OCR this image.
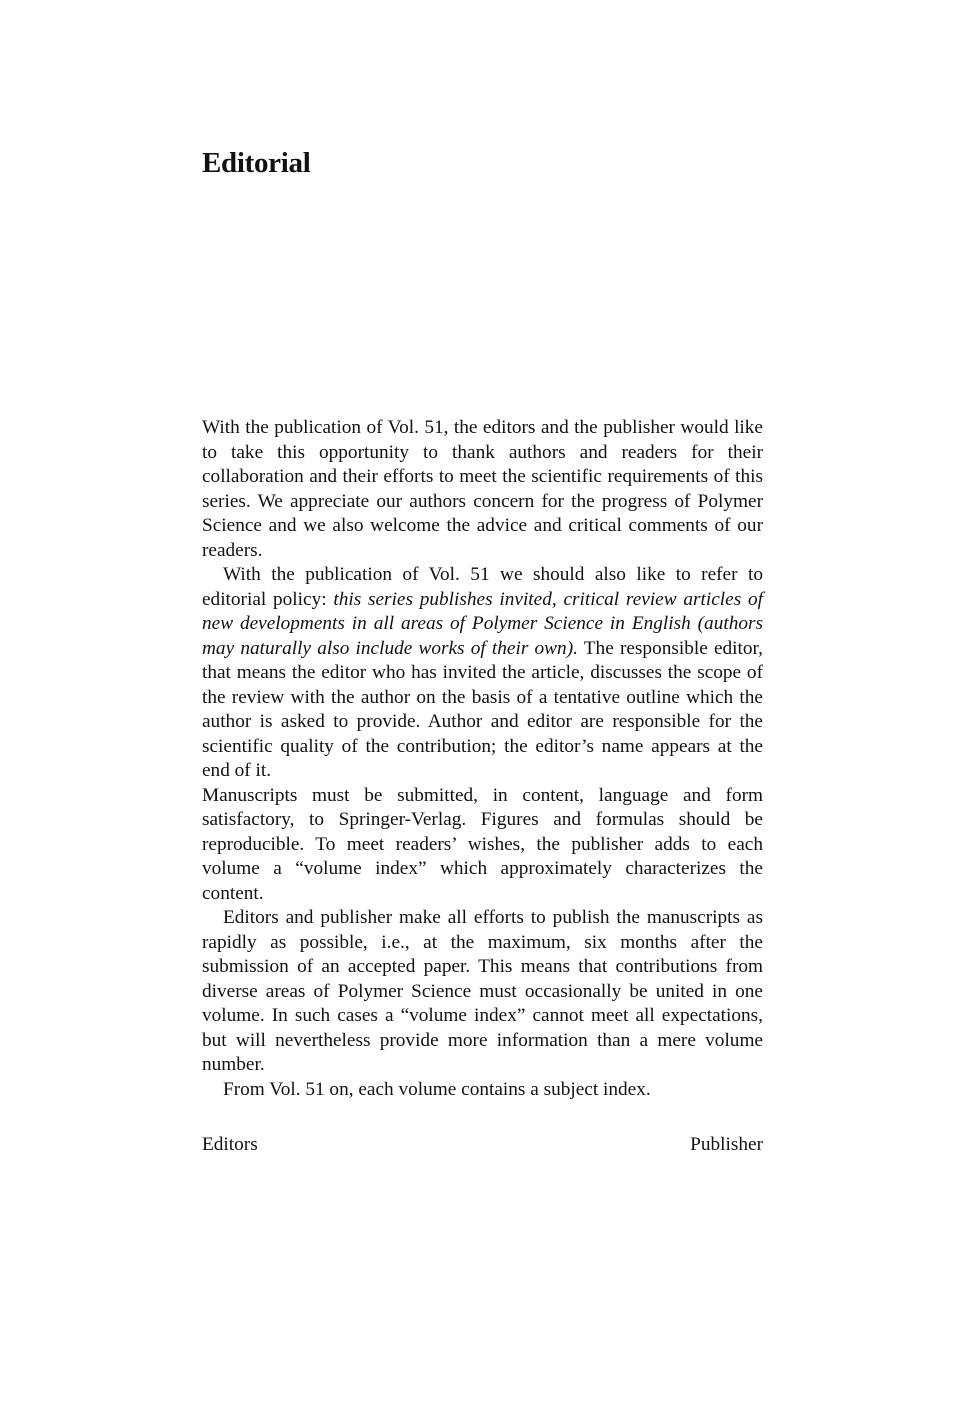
Editorial

With the publication of Vol. 51, the editors and the publisher would like to take this opportunity to thank authors and readers for their collaboration and their efforts to meet the scientific requirements of this series. We appreciate our authors concern for the progress of Polymer Science and we also welcome the advice and critical comments of our readers.

With the publication of Vol. 51 we should also like to refer to editorial policy: this series publishes invited, critical review articles of new developments in all areas of Polymer Science in English (authors may naturally also include works of their own). The responsible editor, that means the editor who has invited the article, discusses the scope of the review with the author on the basis of a tentative outline which the author is asked to provide. Author and editor are responsible for the scientific quality of the contribution; the editor’s name appears at the end of it.

Manuscripts must be submitted, in content, language and form satisfactory, to Springer-Verlag. Figures and formulas should be reproducible. To meet readers’ wishes, the publisher adds to each volume a “volume index” which approximately characterizes the content.

Editors and publisher make all efforts to publish the manuscripts as rapidly as possible, i.e., at the maximum, six months after the submission of an accepted paper. This means that contributions from diverse areas of Polymer Science must occasionally be united in one volume. In such cases a “volume index” cannot meet all expectations, but will nevertheless provide more information than a mere volume number.

From Vol. 51 on, each volume contains a subject index.

Editors	Publisher
